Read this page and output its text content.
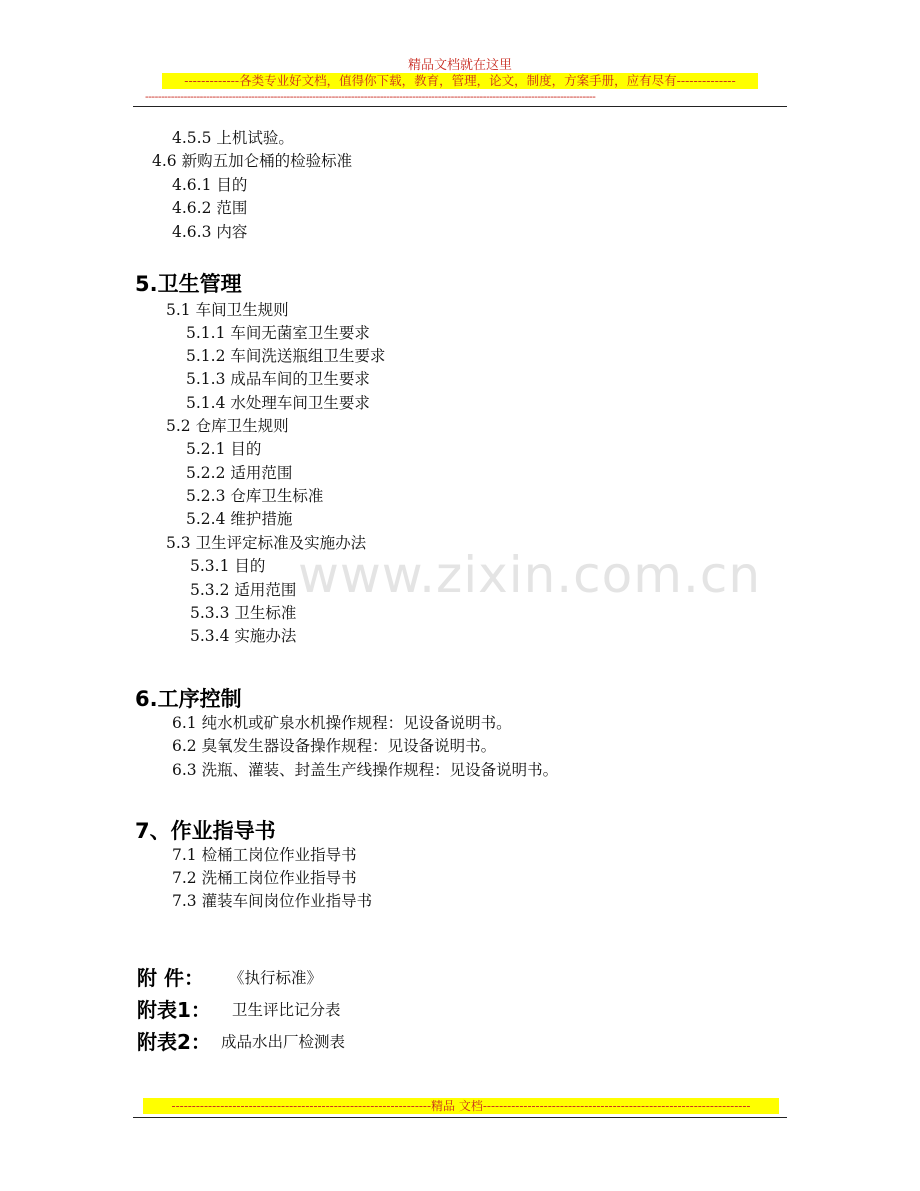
精品文档就在这里
-------------各类专业好文档，值得你下载，教育，管理，论文，制度，方案手册，应有尽有--------------
--------------------------------------------------------------------------------------------------------------------------------------------
www.zixin.com.cn
4.5.5 上机试验。
4.6 新购五加仑桶的检验标准
4.6.1 目的
4.6.2 范围
4.6.3 内容
5.卫生管理
5.1 车间卫生规则
5.1.1 车间无菌室卫生要求
5.1.2 车间洗送瓶组卫生要求
5.1.3 成品车间的卫生要求
5.1.4 水处理车间卫生要求
5.2 仓库卫生规则
5.2.1 目的
5.2.2 适用范围
5.2.3 仓库卫生标准
5.2.4 维护措施
5.3 卫生评定标准及实施办法
5.3.1 目的
5.3.2 适用范围
5.3.3 卫生标准
5.3.4 实施办法
6.工序控制
6.1 纯水机或矿泉水机操作规程：见设备说明书。
6.2 臭氧发生器设备操作规程：见设备说明书。
6.3 洗瓶、灌装、封盖生产线操作规程：见设备说明书。
7、作业指导书
7.1 检桶工岗位作业指导书
7.2 洗桶工岗位作业指导书
7.3 灌装车间岗位作业指导书
附 件： 《执行标准》
附表1： 卫生评比记分表
附表2： 成品水出厂检测表
----------------------------------------------------------------精品 文档------------------------------------------------------------------
